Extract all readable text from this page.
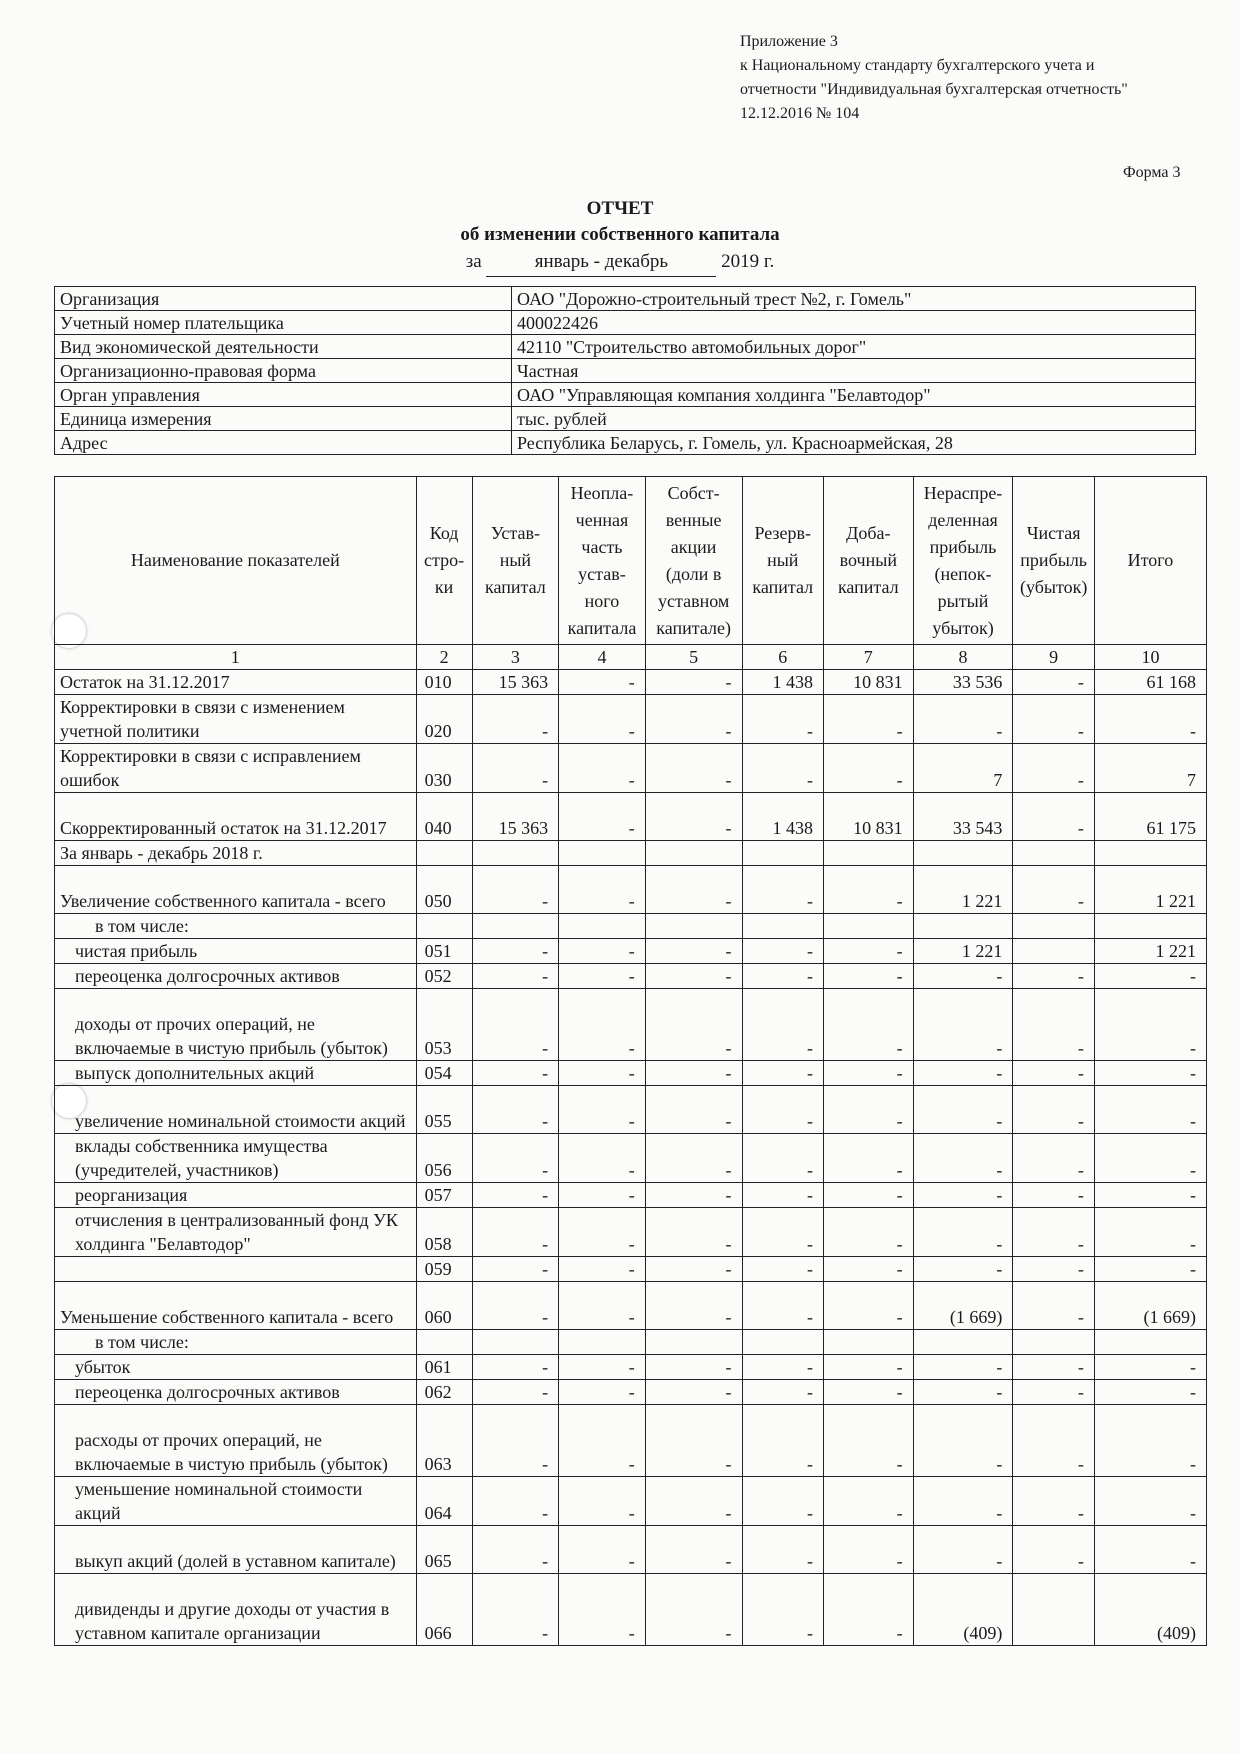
Приложение 3
к Национальному стандарту бухгалтерского учета и
отчетности "Индивидуальная бухгалтерская отчетность"
12.12.2016 № 104
Форма 3
ОТЧЕТ
об изменении собственного капитала
за	январь - декабрь	2019 г.
Организация	ОАО "Дорожно-строительный трест №2, г. Гомель"
Учетный номер плательщика	400022426
Вид экономической деятельности	42110 "Строительство автомобильных дорог"
Организационно-правовая форма	Частная
Орган управления	ОАО "Управляющая компания холдинга "Белавтодор"
Единица измерения	тыс. рублей
Адрес	Республика Беларусь, г. Гомель, ул. Красноармейская, 28
Наименование показателей	Код стро- ки	Устав- ный капитал	Неопла- ченная часть устав- ного капитала	Собст- венные акции (доли в уставном капитале)	Резерв- ный капитал	Доба- вочный капитал	Нераспре- деленная прибыль (непок- рытый убыток)	Чистая прибыль (убыток)	Итого
1	2	3	4	5	6	7	8	9	10
Остаток на 31.12.2017	010	15 363	-	-	1 438	10 831	33 536	-	61 168
Корректировки в связи с изменением учетной политики	020	-	-	-	-	-	-	-	-
Корректировки в связи с исправлением ошибок	030	-	-	-	-	-	7	-	7
Скорректированный остаток на 31.12.2017	040	15 363	-	-	1 438	10 831	33 543	-	61 175
За январь - декабрь 2018 г.									
Увеличение собственного капитала - всего	050	-	-	-	-	-	1 221	-	1 221
в том числе:									
чистая прибыль	051	-	-	-	-	-	1 221		1 221
переоценка долгосрочных активов	052	-	-	-	-	-	-	-	-
доходы от прочих операций, не включаемые в чистую прибыль (убыток)	053	-	-	-	-	-	-	-	-
выпуск дополнительных акций	054	-	-	-	-	-	-	-	-
увеличение номинальной стоимости акций	055	-	-	-	-	-	-	-	-
вклады собственника имущества (учредителей, участников)	056	-	-	-	-	-	-	-	-
реорганизация	057	-	-	-	-	-	-	-	-
отчисления в централизованный фонд УК холдинга "Белавтодор"	058	-	-	-	-	-	-	-	-
	059	-	-	-	-	-	-	-	-
Уменьшение собственного капитала - всего	060	-	-	-	-	-	(1 669)	-	(1 669)
в том числе:									
убыток	061	-	-	-	-	-	-	-	-
переоценка долгосрочных активов	062	-	-	-	-	-	-	-	-
расходы от прочих операций, не включаемые в чистую прибыль (убыток)	063	-	-	-	-	-	-	-	-
уменьшение номинальной стоимости акций	064	-	-	-	-	-	-	-	-
выкуп акций (долей в уставном капитале)	065	-	-	-	-	-	-	-	-
дивиденды и другие доходы от участия в уставном капитале организации	066	-	-	-	-	-	(409)		(409)
